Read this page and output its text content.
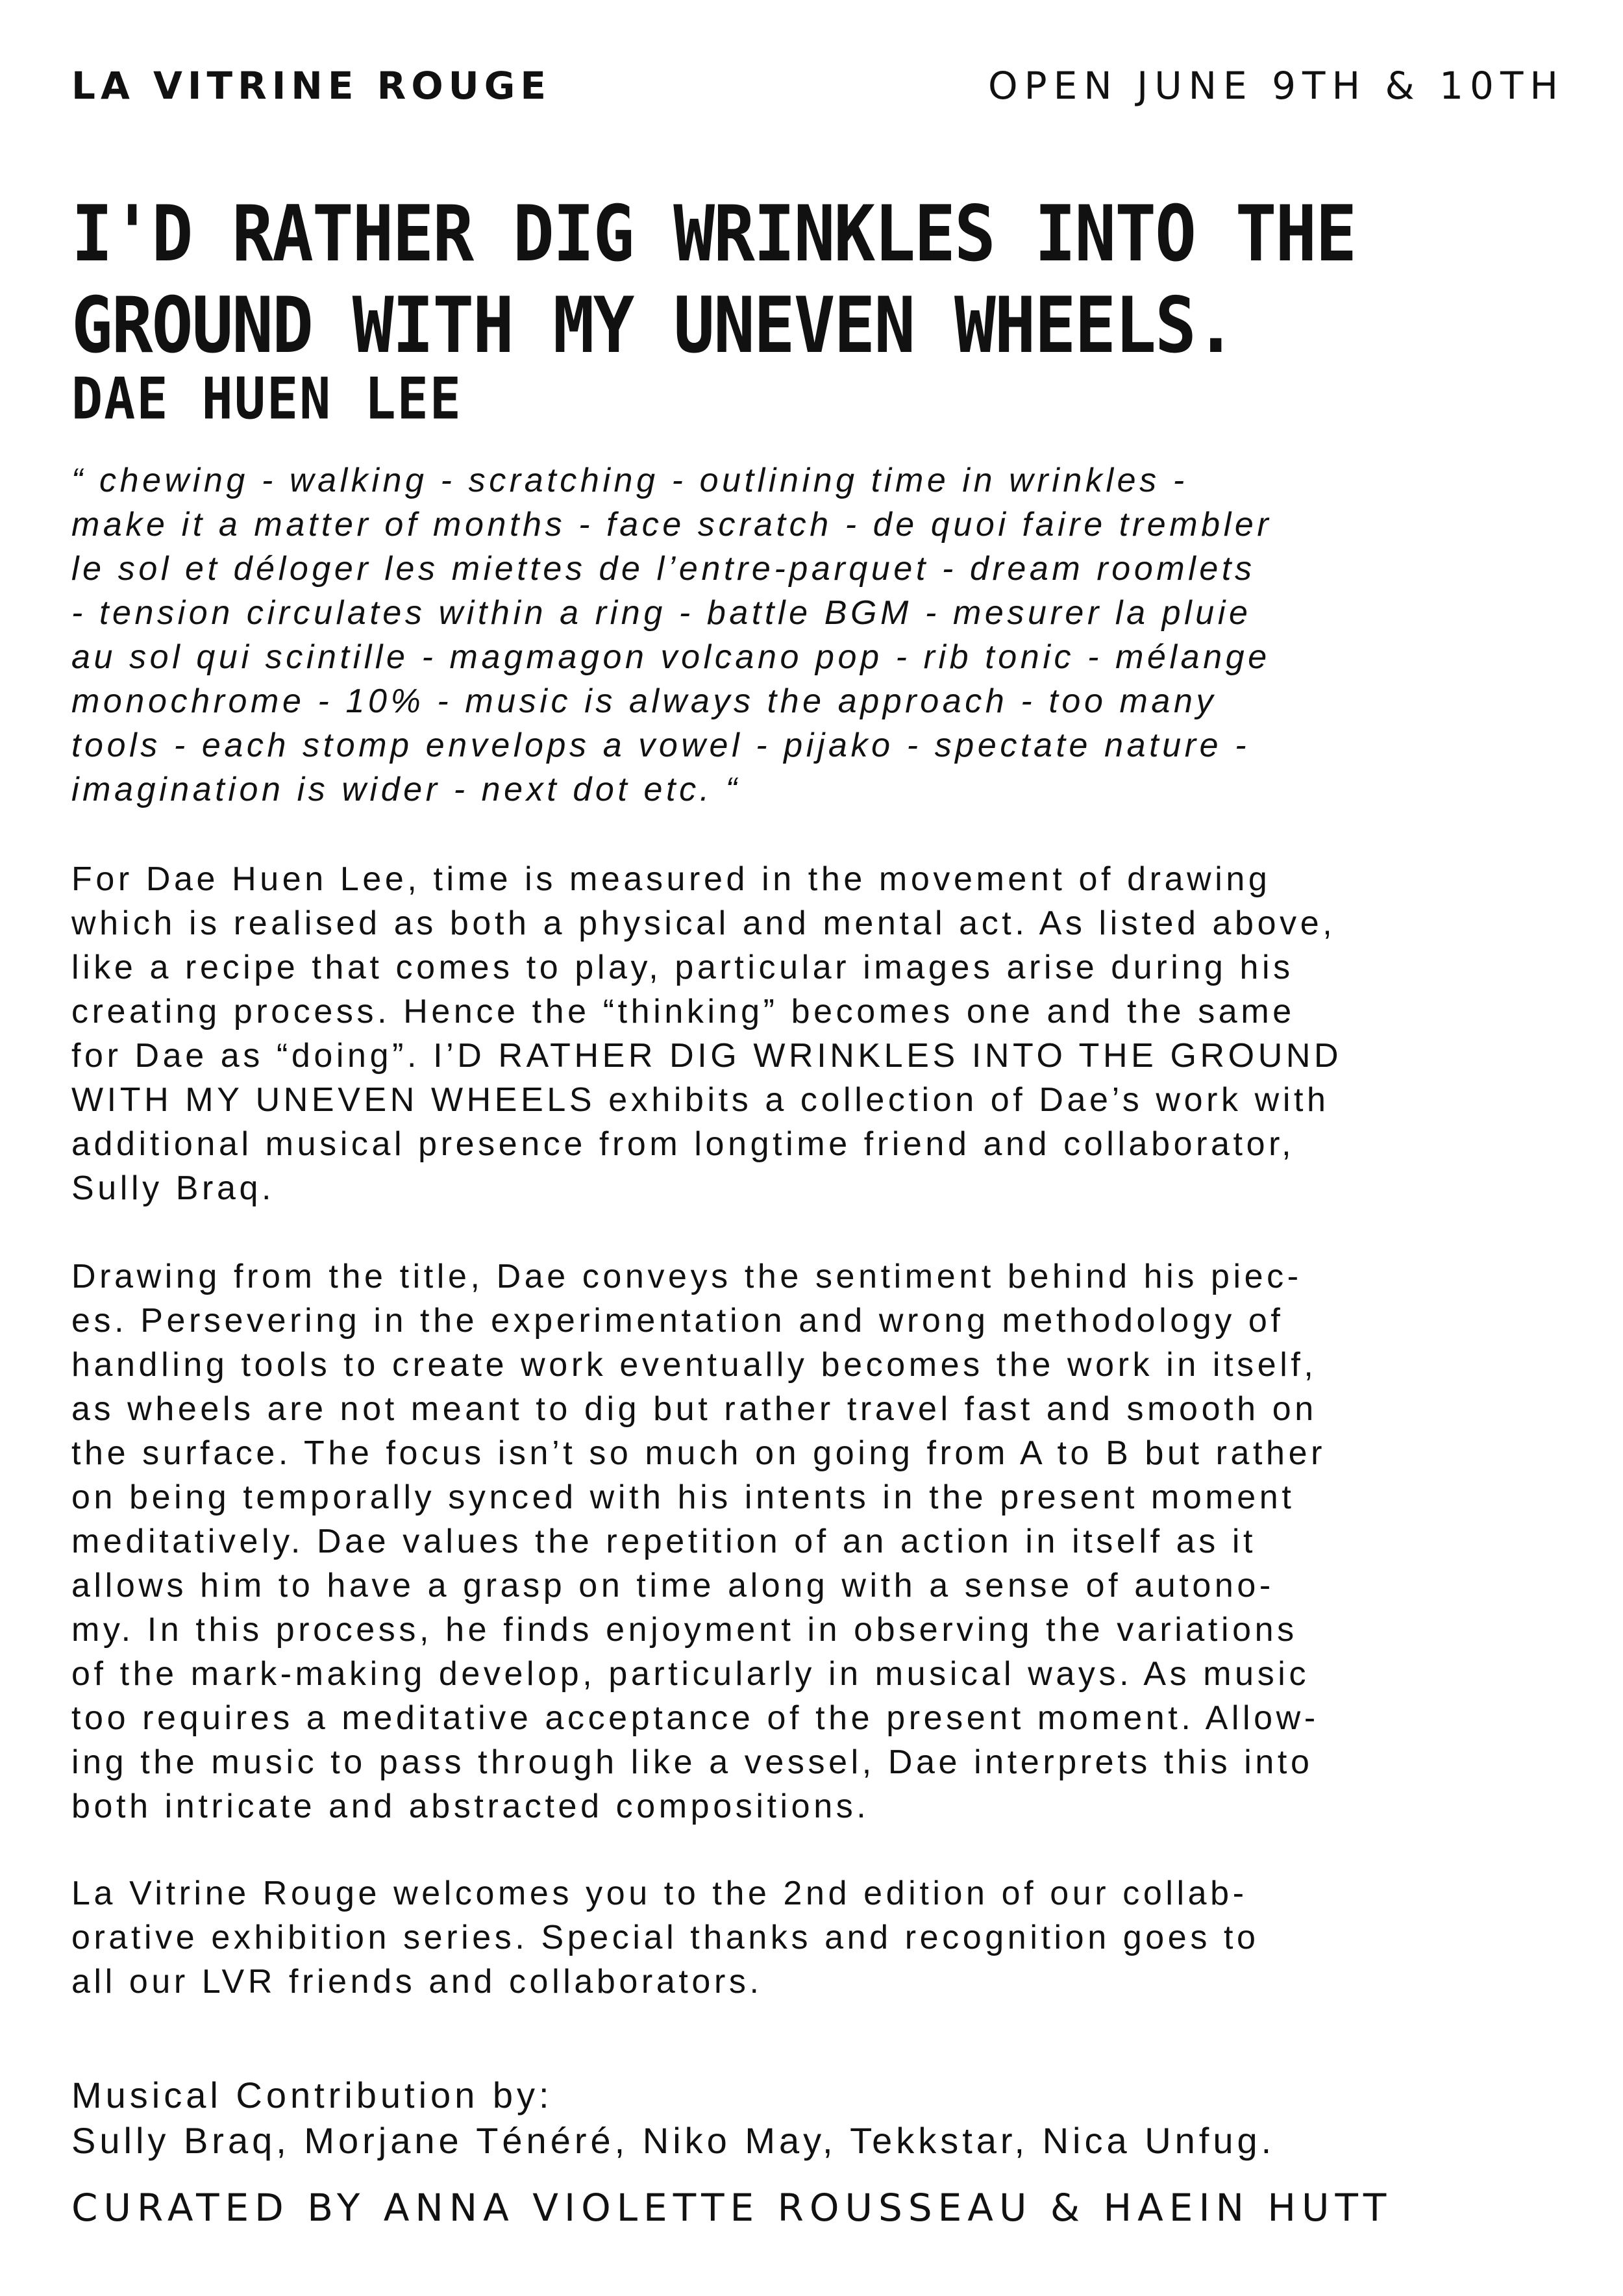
LA VITRINE ROUGE	OPEN JUNE 9TH & 10TH
I'D RATHER DIG WRINKLES INTO THE
GROUND WITH MY UNEVEN WHEELS.
DAE HUEN LEE

“ chewing - walking - scratching - outlining time in wrinkles -
make it a matter of months - face scratch - de quoi faire trembler
le sol et déloger les miettes de l’entre-parquet - dream roomlets
- tension circulates within a ring - battle BGM - mesurer la pluie
au sol qui scintille - magmagon volcano pop - rib tonic - mélange
monochrome - 10% - music is always the approach - too many
tools - each stomp envelops a vowel - pijako - spectate nature -
imagination is wider - next dot etc. “

For Dae Huen Lee, time is measured in the movement of drawing
which is realised as both a physical and mental act. As listed above,
like a recipe that comes to play, particular images arise during his
creating process. Hence the “thinking” becomes one and the same
for Dae as “doing”. I’D RATHER DIG WRINKLES INTO THE GROUND
WITH MY UNEVEN WHEELS exhibits a collection of Dae’s work with
additional musical presence from longtime friend and collaborator,
Sully Braq.

Drawing from the title, Dae conveys the sentiment behind his piec-
es. Persevering in the experimentation and wrong methodology of
handling tools to create work eventually becomes the work in itself,
as wheels are not meant to dig but rather travel fast and smooth on
the surface. The focus isn’t so much on going from A to B but rather
on being temporally synced with his intents in the present moment
meditatively. Dae values the repetition of an action in itself as it
allows him to have a grasp on time along with a sense of autono-
my. In this process, he finds enjoyment in observing the variations
of the mark-making develop, particularly in musical ways. As music
too requires a meditative acceptance of the present moment. Allow-
ing the music to pass through like a vessel, Dae interprets this into
both intricate and abstracted compositions.

La Vitrine Rouge welcomes you to the 2nd edition of our collab-
orative exhibition series. Special thanks and recognition goes to
all our LVR friends and collaborators.

Musical Contribution by:
Sully Braq, Morjane Ténéré, Niko May, Tekkstar, Nica Unfug.
CURATED BY ANNA VIOLETTE ROUSSEAU & HAEIN HUTT
